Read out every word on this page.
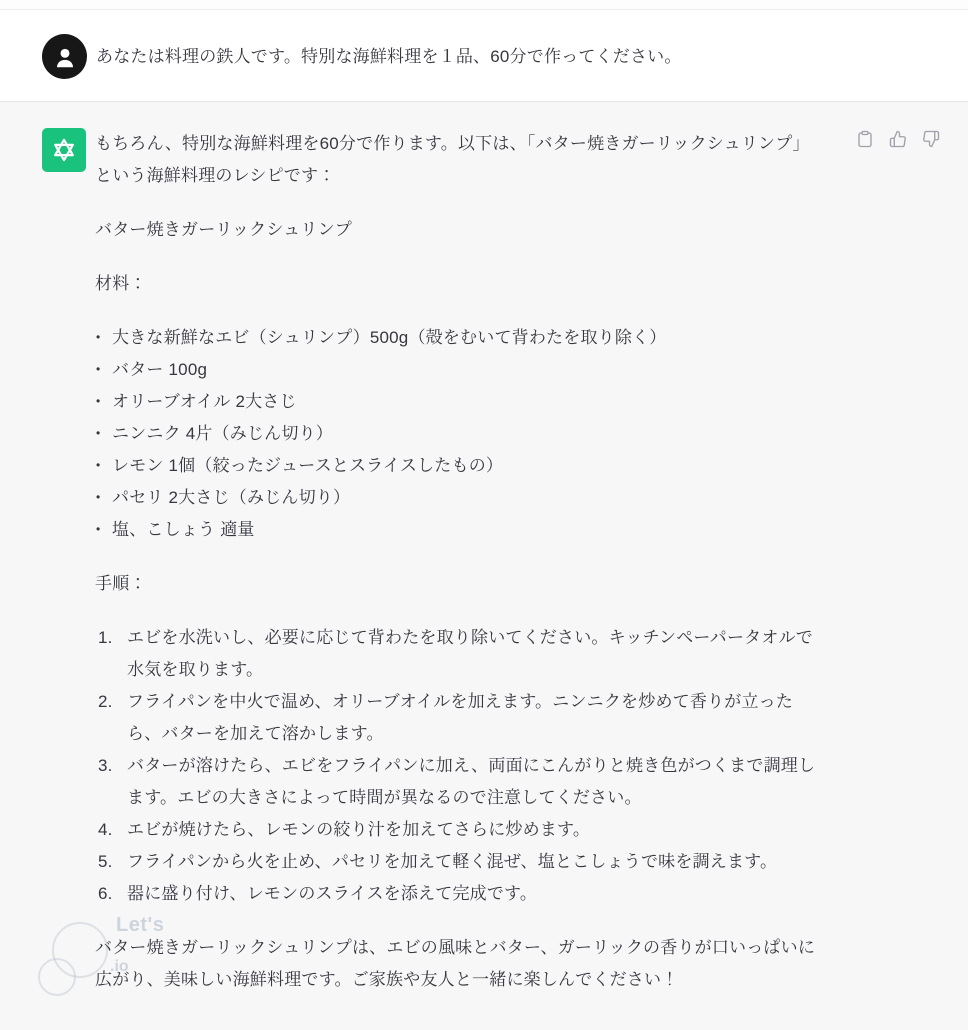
あなたは料理の鉄人です。特別な海鮮料理を１品、60分で作ってください。

Let's
.io

もちろん、特別な海鮮料理を60分で作ります。以下は、「バター焼きガーリックシュリンプ」という海鮮料理のレシピです：

バター焼きガーリックシュリンプ

材料：

• 大きな新鮮なエビ（シュリンプ）500g（殻をむいて背わたを取り除く）
• バター 100g
• オリーブオイル 2大さじ
• ニンニク 4片（みじん切り）
• レモン 1個（絞ったジュースとスライスしたもの）
• パセリ 2大さじ（みじん切り）
• 塩、こしょう 適量

手順：

エビを水洗いし、必要に応じて背わたを取り除いてください。キッチンペーパータオルで水気を取ります。
フライパンを中火で温め、オリーブオイルを加えます。ニンニクを炒めて香りが立ったら、バターを加えて溶かします。
バターが溶けたら、エビをフライパンに加え、両面にこんがりと焼き色がつくまで調理します。エビの大きさによって時間が異なるので注意してください。
エビが焼けたら、レモンの絞り汁を加えてさらに炒めます。
フライパンから火を止め、パセリを加えて軽く混ぜ、塩とこしょうで味を調えます。
器に盛り付け、レモンのスライスを添えて完成です。

バター焼きガーリックシュリンプは、エビの風味とバター、ガーリックの香りが口いっぱいに広がり、美味しい海鮮料理です。ご家族や友人と一緒に楽しんでください！
